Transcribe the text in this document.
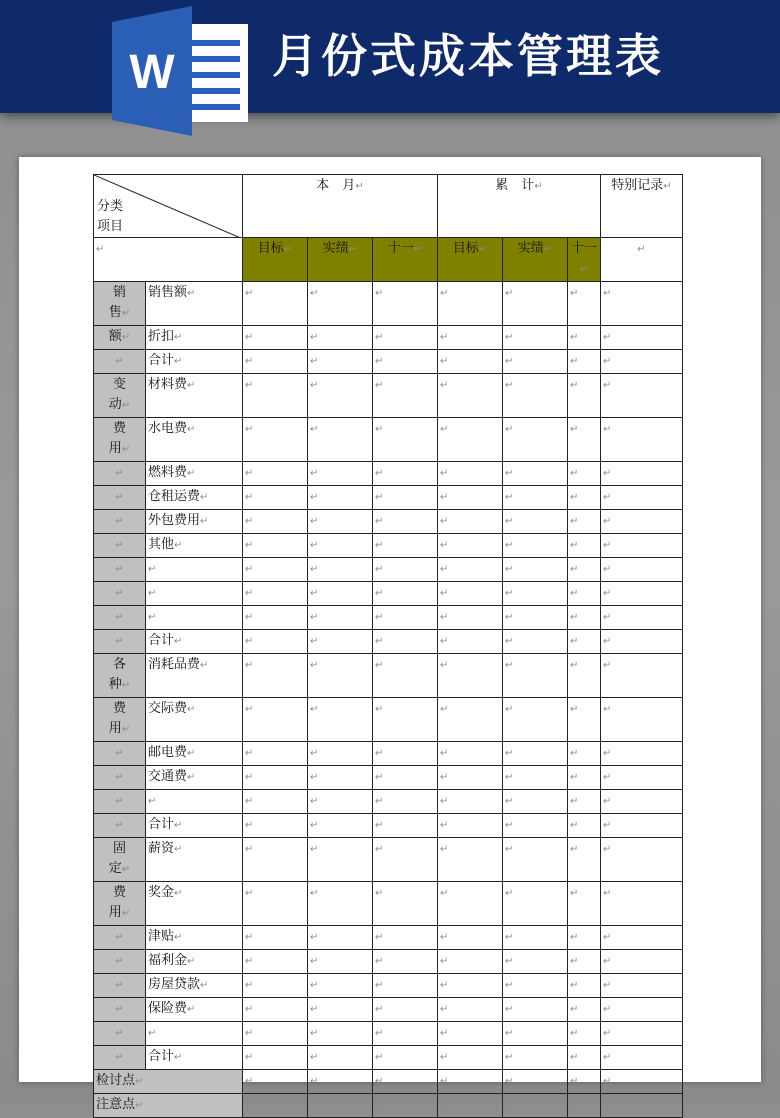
W 月份式成本管理表
分类
项目		本　月↵			累　计↵			特别记录↵
↵		目标↵	实绩↵	十一↵	目标↵	实绩↵	十一↵	↵

销
售↵	销售额↵	↵	↵	↵	↵	↵	↵	↵

额↵	折扣↵	↵	↵	↵	↵	↵	↵	↵
↵	合计↵	↵	↵	↵	↵	↵	↵	↵

变
动↵	材料费↵	↵	↵	↵	↵	↵	↵	↵

费
用↵	水电费↵	↵	↵	↵	↵	↵	↵	↵
↵	燃料费↵	↵	↵	↵	↵	↵	↵	↵
↵	仓租运费↵	↵	↵	↵	↵	↵	↵	↵
↵	外包费用↵	↵	↵	↵	↵	↵	↵	↵
↵	其他↵	↵	↵	↵	↵	↵	↵	↵
↵	↵	↵	↵	↵	↵	↵	↵	↵
↵	↵	↵	↵	↵	↵	↵	↵	↵
↵	↵	↵	↵	↵	↵	↵	↵	↵
↵	合计↵	↵	↵	↵	↵	↵	↵	↵

各
种↵	消耗品费↵	↵	↵	↵	↵	↵	↵	↵

费
用↵	交际费↵	↵	↵	↵	↵	↵	↵	↵
↵	邮电费↵	↵	↵	↵	↵	↵	↵	↵
↵	交通费↵	↵	↵	↵	↵	↵	↵	↵
↵	↵	↵	↵	↵	↵	↵	↵	↵
↵	合计↵	↵	↵	↵	↵	↵	↵	↵

固
定↵	薪资↵	↵	↵	↵	↵	↵	↵	↵

费
用↵	奖金↵	↵	↵	↵	↵	↵	↵	↵
↵	津贴↵	↵	↵	↵	↵	↵	↵	↵
↵	福利金↵	↵	↵	↵	↵	↵	↵	↵
↵	房屋贷款↵	↵	↵	↵	↵	↵	↵	↵
↵	保险费↵	↵	↵	↵	↵	↵	↵	↵
↵	↵	↵	↵	↵	↵	↵	↵	↵
↵	合计↵	↵	↵	↵	↵	↵	↵	↵
检讨点↵		↵	↵	↵	↵	↵	↵	↵
注意点↵		↵	↵	↵	↵	↵	↵	↵
